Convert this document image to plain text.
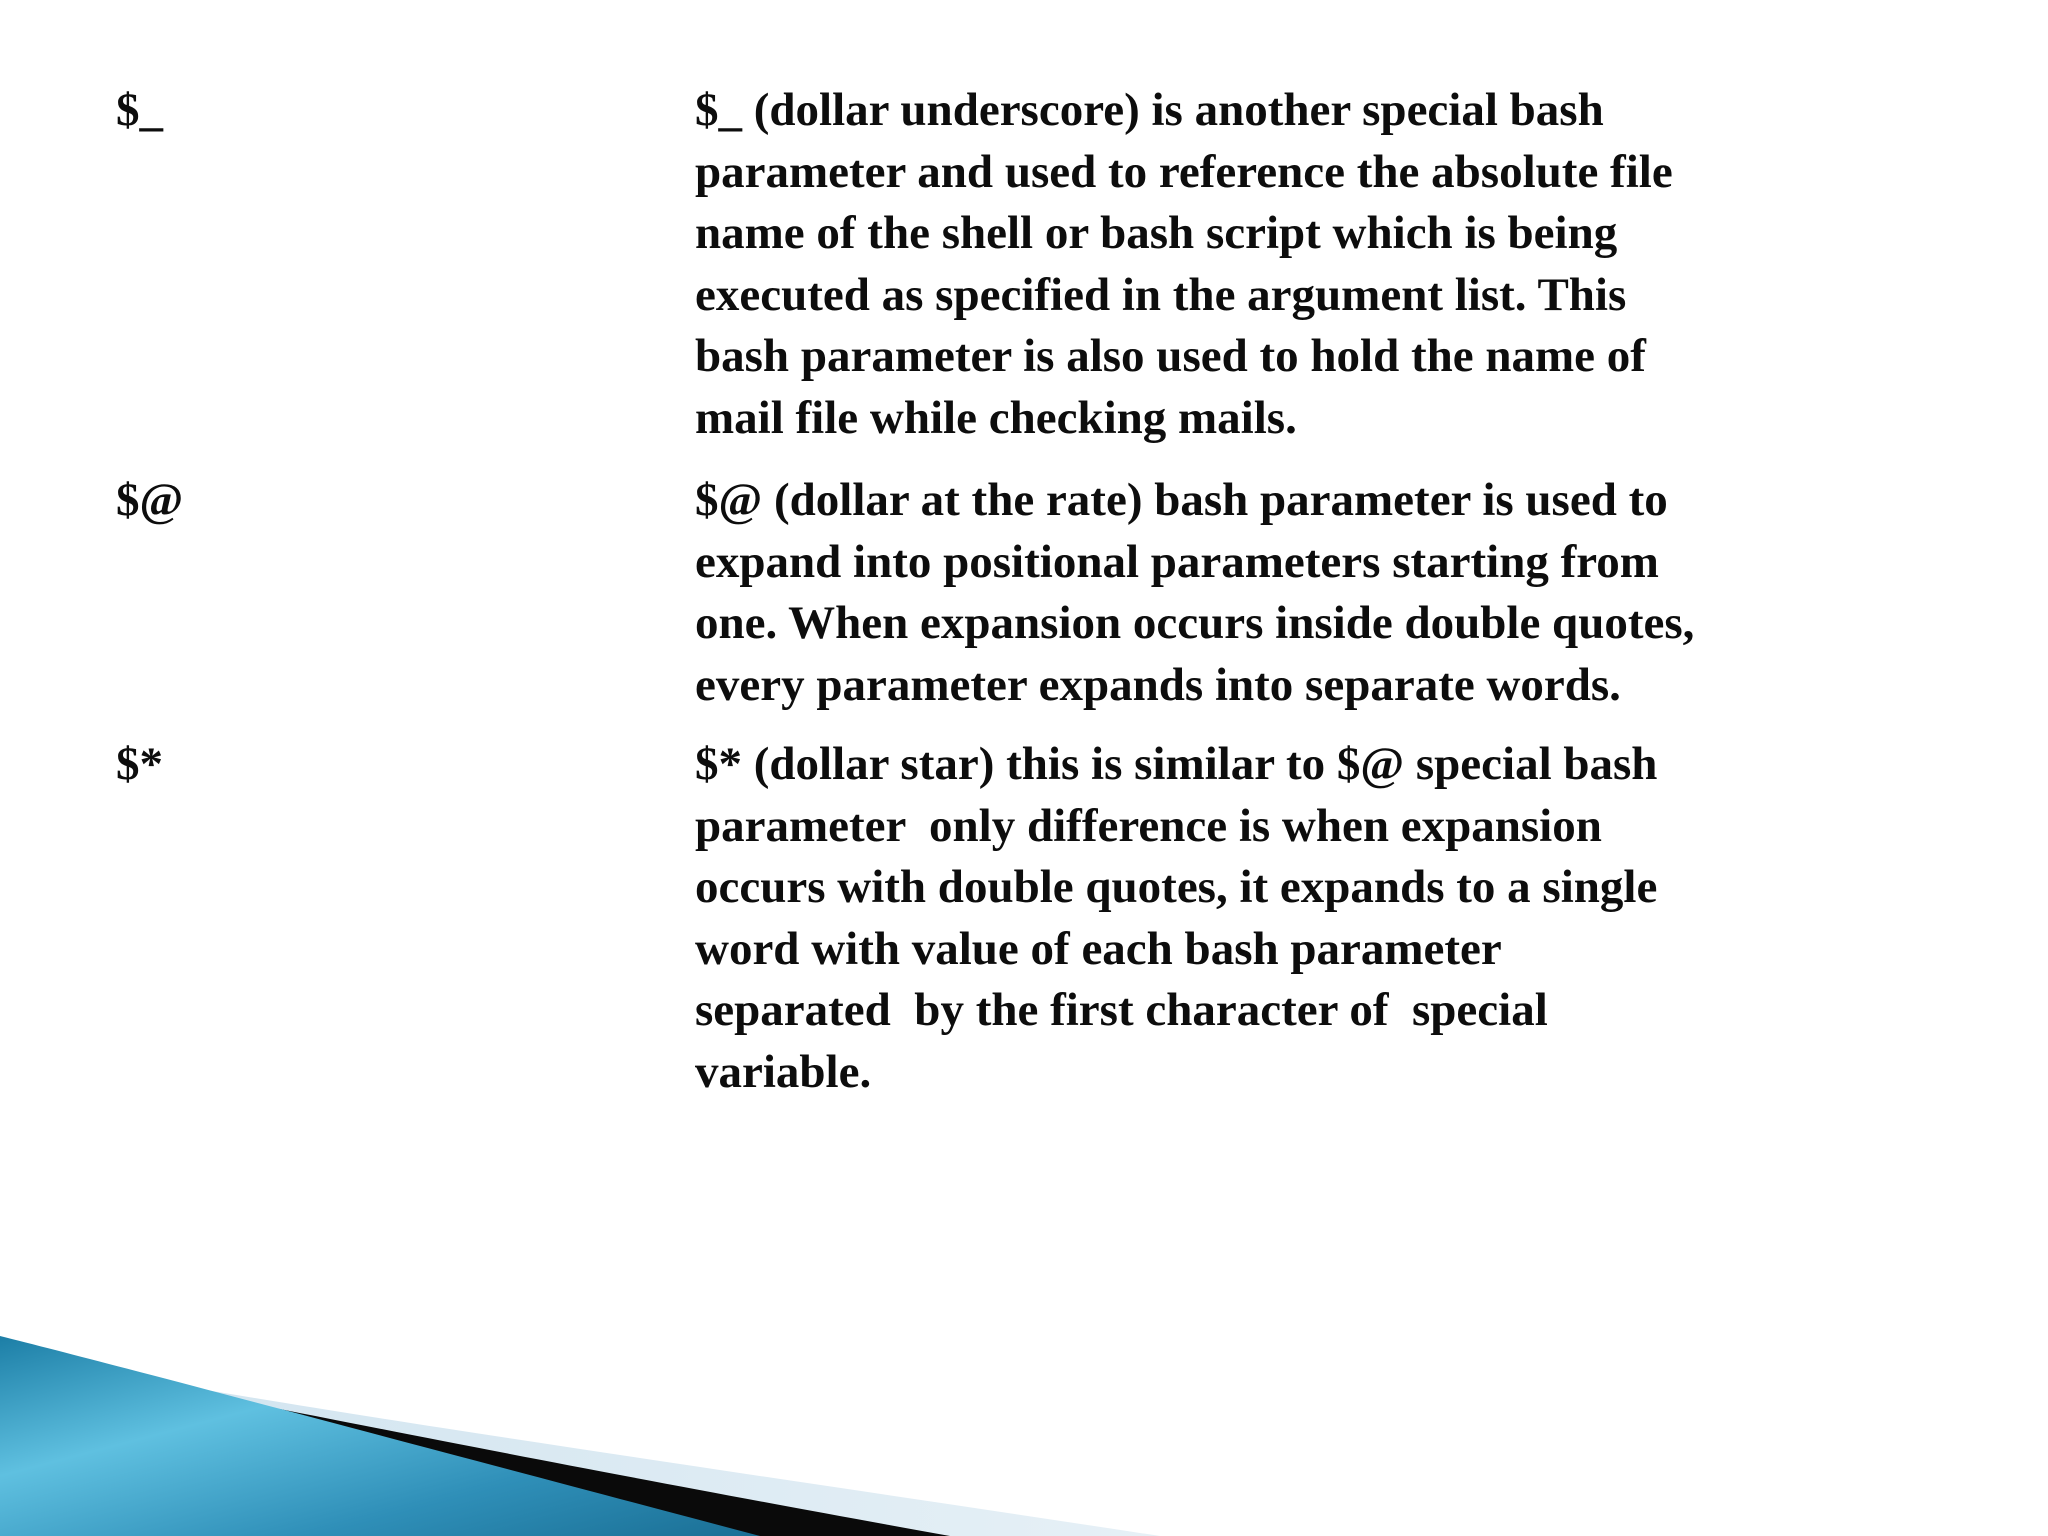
$_	$_ (dollar underscore) is another special bash
parameter and used to reference the absolute file
name of the shell or bash script which is being
executed as specified in the argument list. This
bash parameter is also used to hold the name of
mail file while checking mails.
$@	$@ (dollar at the rate) bash parameter is used to
expand into positional parameters starting from
one. When expansion occurs inside double quotes,
every parameter expands into separate words.
$*	$* (dollar star) this is similar to $@ special bash
parameter  only difference is when expansion
occurs with double quotes, it expands to a single
word with value of each bash parameter
separated  by the first character of  special
variable.
